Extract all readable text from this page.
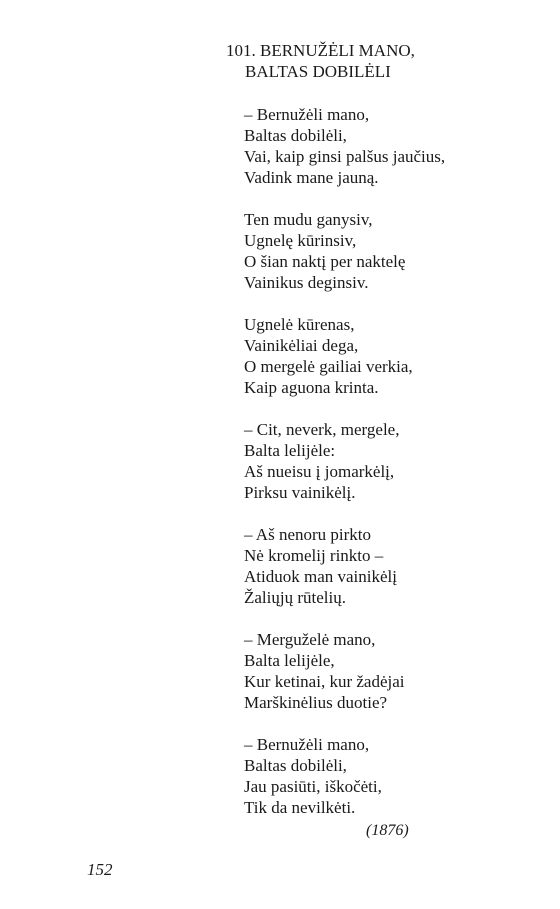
101. BERNUŽĖLI MANO,
BALTAS DOBILĖLI

– Bernužėli mano,

Baltas dobilėli,

Vai, kaip ginsi palšus jaučius,

Vadink mane jauną.

Ten mudu ganysiv,

Ugnelę kūrinsiv,

O šian naktį per naktelę

Vainikus deginsiv.

Ugnelė kūrenas,

Vainikėliai dega,

O mergelė gailiai verkia,

Kaip aguona krinta.

– Cit, neverk, mergele,

Balta lelijėle:

Aš nueisu į jomarkėlį,

Pirksu vainikėlį.

– Aš nenoru pirkto

Nė kromelij rinkto –

Atiduok man vainikėlį

Žaliųjų rūtelių.

– Merguželė mano,

Balta lelijėle,

Kur ketinai, kur žadėjai

Marškinėlius duotie?

– Bernužėli mano,

Baltas dobilėli,

Jau pasiūti, iškočėti,

Tik da nevilkėti.

(1876)
152
